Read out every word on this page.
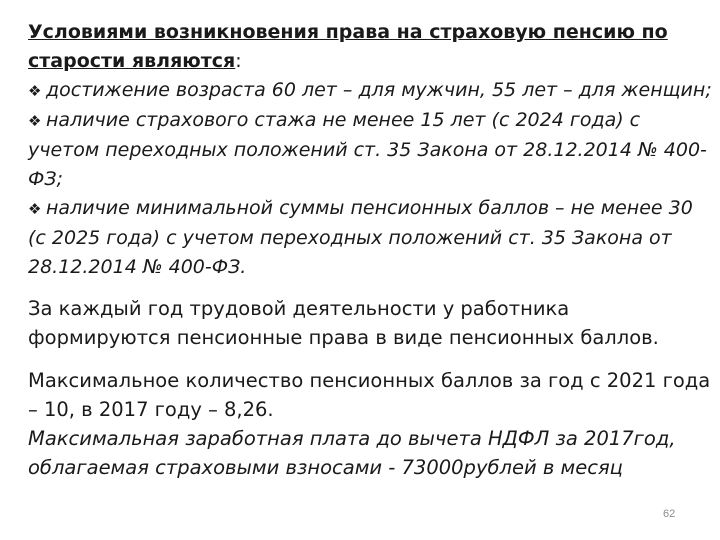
Условиями возникновения права на страховую пенсию по старости являются:
❖ достижение возраста 60 лет – для мужчин, 55 лет – для женщин;
❖ наличие страхового стажа не менее 15 лет (с 2024 года) с учетом переходных положений ст. 35 Закона от 28.12.2014 № 400-ФЗ;
❖ наличие минимальной суммы пенсионных баллов – не менее 30 (с 2025 года) с учетом переходных положений ст. 35 Закона от 28.12.2014 № 400-ФЗ.
За каждый год трудовой деятельности у работника формируются пенсионные права в виде пенсионных баллов.
Максимальное количество пенсионных баллов за год с 2021 года – 10, в 2017 году – 8,26.
Максимальная заработная плата до вычета НДФЛ за 2017год, облагаемая страховыми взносами - 73000рублей в месяц
62
